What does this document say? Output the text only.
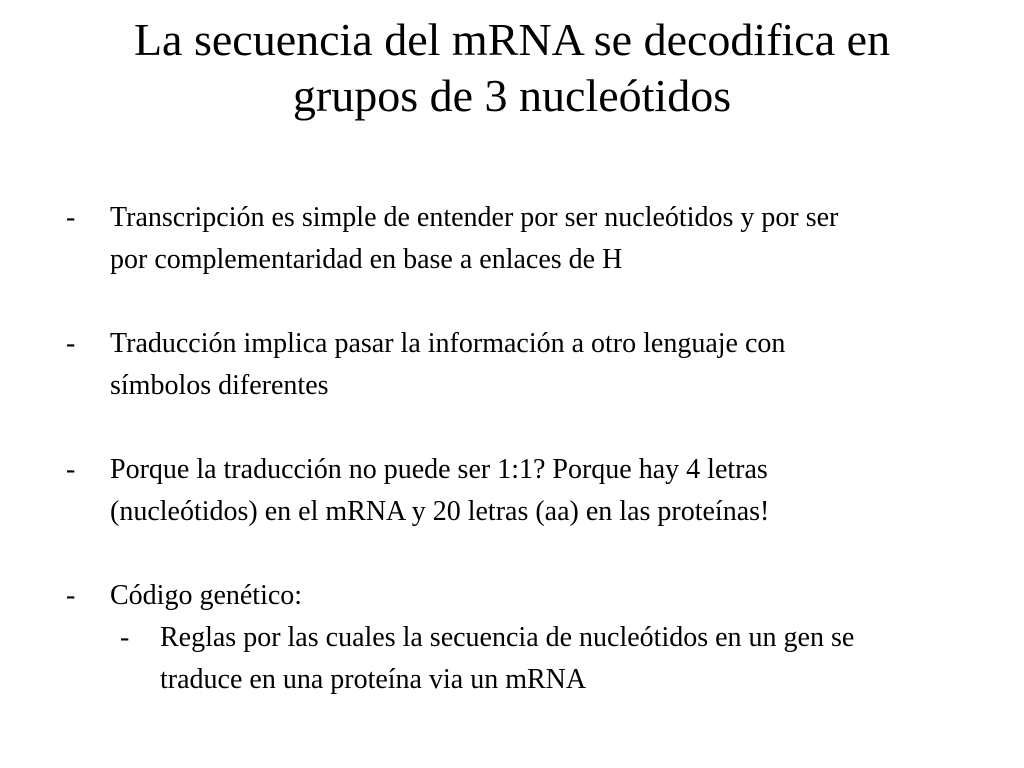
La secuencia del mRNA se decodifica en
grupos de 3 nucleótidos
- Transcripción es simple de entender por ser nucleótidos y por ser
por complementaridad en base a enlaces de H
- Traducción implica pasar la información a otro lenguaje con
símbolos diferentes
- Porque la traducción no puede ser 1:1? Porque hay 4 letras
(nucleótidos) en el mRNA y 20 letras (aa) en las proteínas!
- Código genético:
- Reglas por las cuales la secuencia de nucleótidos en un gen se
traduce en una proteína via un mRNA
